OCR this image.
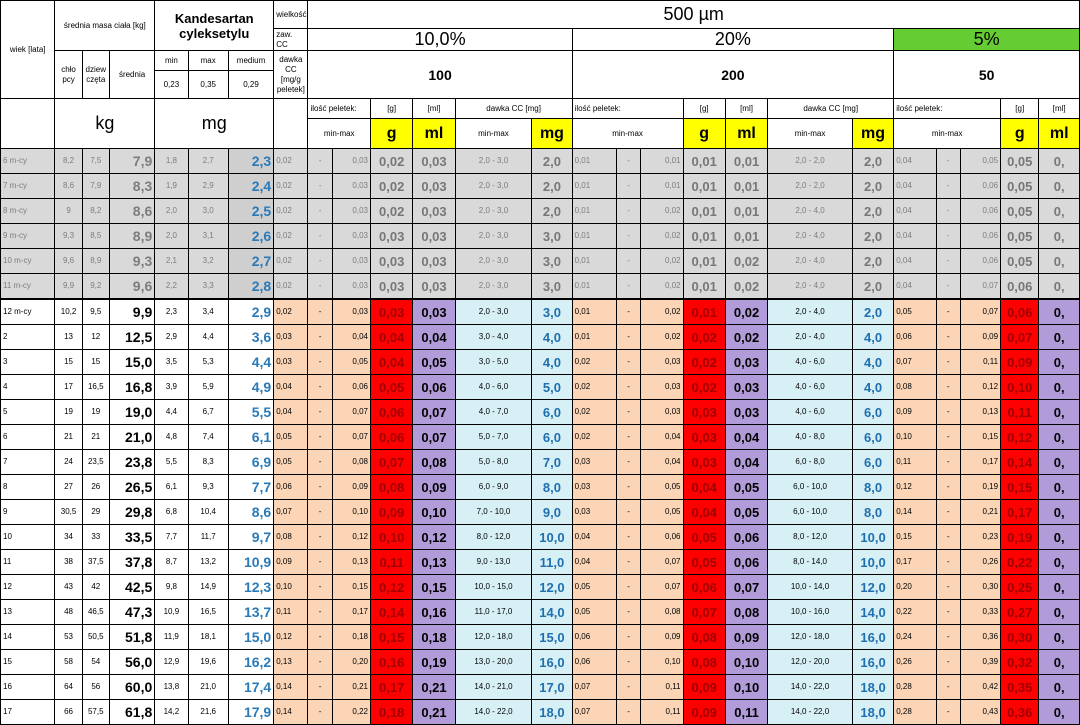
wiek [lata]	średnia masa ciała [kg]			Kandesartan cyleksetylu			wielkość	500 µm																	
							zaw. CC	10,0%						20%							5%				
	chło pcy	dziew częta	średnia	min	max	medium	dawka CC [mg/g peletek]	100						200							50				
				0,23	0,35	0,29																			
	kg			mg				ilość peletek:		[g]	[ml]	dawka CC [mg]		ilość peletek:			[g]	[ml]	dawka CC [mg]		ilość peletek:			[g]	[ml]
								min-max		g	ml	min-max	mg	min-max			g	ml	min-max	mg	min-max			g	ml
6 m-cy	8,2	7,5	7,9	1,8	2,7	2,3	0,02	-	0,03	0,02	0,03	2,0 - 3,0	2,0	0,01	-	0,01	0,01	0,01	2,0 - 2,0	2,0	0,04	-	0,05	0,05	0,
7 m-cy	8,6	7,9	8,3	1,9	2,9	2,4	0,02	-	0,03	0,02	0,03	2,0 - 3,0	2,0	0,01	-	0,01	0,01	0,01	2,0 - 2,0	2,0	0,04	-	0,06	0,05	0,
8 m-cy	9	8,2	8,6	2,0	3,0	2,5	0,02	-	0,03	0,02	0,03	2,0 - 3,0	2,0	0,01	-	0,02	0,01	0,01	2,0 - 4,0	2,0	0,04	-	0,06	0,05	0,
9 m-cy	9,3	8,5	8,9	2,0	3,1	2,6	0,02	-	0,03	0,03	0,03	2,0 - 3,0	3,0	0,01	-	0,02	0,01	0,01	2,0 - 4,0	2,0	0,04	-	0,06	0,05	0,
10 m-cy	9,6	8,9	9,3	2,1	3,2	2,7	0,02	-	0,03	0,03	0,03	2,0 - 3,0	3,0	0,01	-	0,02	0,01	0,02	2,0 - 4,0	2,0	0,04	-	0,06	0,05	0,
11 m-cy	9,9	9,2	9,6	2,2	3,3	2,8	0,02	-	0,03	0,03	0,03	2,0 - 3,0	3,0	0,01	-	0,02	0,01	0,02	2,0 - 4,0	2,0	0,04	-	0,07	0,06	0,
12 m-cy	10,2	9,5	9,9	2,3	3,4	2,9	0,02	-	0,03	0,03	0,03	2,0 - 3,0	3,0	0,01	-	0,02	0,01	0,02	2,0 - 4,0	2,0	0,05	-	0,07	0,06	0,
2	13	12	12,5	2,9	4,4	3,6	0,03	-	0,04	0,04	0,04	3,0 - 4,0	4,0	0,01	-	0,02	0,02	0,02	2,0 - 4,0	4,0	0,06	-	0,09	0,07	0,
3	15	15	15,0	3,5	5,3	4,4	0,03	-	0,05	0,04	0,05	3,0 - 5,0	4,0	0,02	-	0,03	0,02	0,03	4,0 - 6,0	4,0	0,07	-	0,11	0,09	0,
4	17	16,5	16,8	3,9	5,9	4,9	0,04	-	0,06	0,05	0,06	4,0 - 6,0	5,0	0,02	-	0,03	0,02	0,03	4,0 - 6,0	4,0	0,08	-	0,12	0,10	0,
5	19	19	19,0	4,4	6,7	5,5	0,04	-	0,07	0,06	0,07	4,0 - 7,0	6,0	0,02	-	0,03	0,03	0,03	4,0 - 6,0	6,0	0,09	-	0,13	0,11	0,
6	21	21	21,0	4,8	7,4	6,1	0,05	-	0,07	0,06	0,07	5,0 - 7,0	6,0	0,02	-	0,04	0,03	0,04	4,0 - 8,0	6,0	0,10	-	0,15	0,12	0,
7	24	23,5	23,8	5,5	8,3	6,9	0,05	-	0,08	0,07	0,08	5,0 - 8,0	7,0	0,03	-	0,04	0,03	0,04	6,0 - 8,0	6,0	0,11	-	0,17	0,14	0,
8	27	26	26,5	6,1	9,3	7,7	0,06	-	0,09	0,08	0,09	6,0 - 9,0	8,0	0,03	-	0,05	0,04	0,05	6,0 - 10,0	8,0	0,12	-	0,19	0,15	0,
9	30,5	29	29,8	6,8	10,4	8,6	0,07	-	0,10	0,09	0,10	7,0 - 10,0	9,0	0,03	-	0,05	0,04	0,05	6,0 - 10,0	8,0	0,14	-	0,21	0,17	0,
10	34	33	33,5	7,7	11,7	9,7	0,08	-	0,12	0,10	0,12	8,0 - 12,0	10,0	0,04	-	0,06	0,05	0,06	8,0 - 12,0	10,0	0,15	-	0,23	0,19	0,
11	38	37,5	37,8	8,7	13,2	10,9	0,09	-	0,13	0,11	0,13	9,0 - 13,0	11,0	0,04	-	0,07	0,05	0,06	8,0 - 14,0	10,0	0,17	-	0,26	0,22	0,
12	43	42	42,5	9,8	14,9	12,3	0,10	-	0,15	0,12	0,15	10,0 - 15,0	12,0	0,05	-	0,07	0,06	0,07	10,0 - 14,0	12,0	0,20	-	0,30	0,25	0,
13	48	46,5	47,3	10,9	16,5	13,7	0,11	-	0,17	0,14	0,16	11,0 - 17,0	14,0	0,05	-	0,08	0,07	0,08	10,0 - 16,0	14,0	0,22	-	0,33	0,27	0,
14	53	50,5	51,8	11,9	18,1	15,0	0,12	-	0,18	0,15	0,18	12,0 - 18,0	15,0	0,06	-	0,09	0,08	0,09	12,0 - 18,0	16,0	0,24	-	0,36	0,30	0,
15	58	54	56,0	12,9	19,6	16,2	0,13	-	0,20	0,16	0,19	13,0 - 20,0	16,0	0,06	-	0,10	0,08	0,10	12,0 - 20,0	16,0	0,26	-	0,39	0,32	0,
16	64	56	60,0	13,8	21,0	17,4	0,14	-	0,21	0,17	0,21	14,0 - 21,0	17,0	0,07	-	0,11	0,09	0,10	14,0 - 22,0	18,0	0,28	-	0,42	0,35	0,
17	66	57,5	61,8	14,2	21,6	17,9	0,14	-	0,22	0,18	0,21	14,0 - 22,0	18,0	0,07	-	0,11	0,09	0,11	14,0 - 22,0	18,0	0,28	-	0,43	0,36	0,
